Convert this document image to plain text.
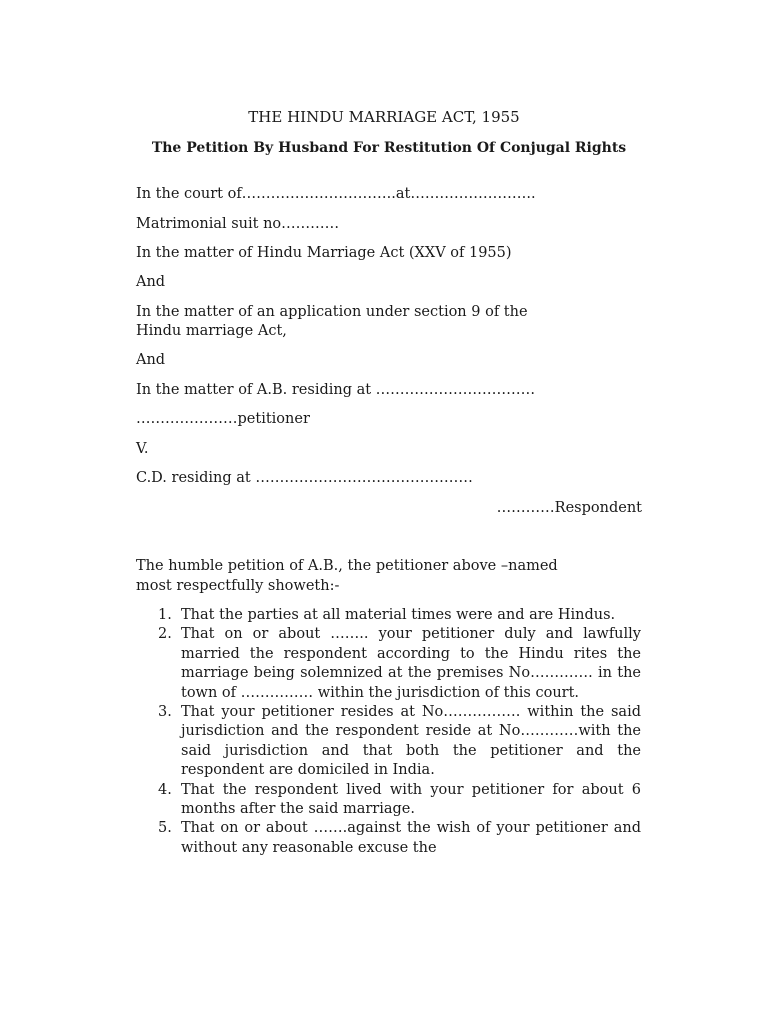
THE HINDU MARRIAGE ACT, 1955
The Petition By Husband For Restitution Of Conjugal Rights
In the court of…………………………..at……………………..
Matrimonial suit no…………
In the matter of Hindu Marriage Act (XXV of 1955)
And
In the matter of an application under section 9 of the
Hindu marriage Act,
And
In the matter of A.B. residing at ……………………………
…………………petitioner
V.
C.D. residing at ………………………………………
…………Respondent
The humble petition of A.B., the petitioner above –named
most respectfully showeth:-
1. That the parties at all material times were and are Hindus.
2. That on or about …….. your petitioner duly and lawfully married the respondent according to the Hindu rites the marriage being solemnized at the premises No…………. in the town of …………… within the jurisdiction of this court.
3. That your petitioner resides at No……………. within the said jurisdiction and the respondent reside at No…………with the said jurisdiction and that both the petitioner and the respondent are domiciled in India.
4. That the respondent lived with your petitioner for about 6 months after the said marriage.
5. That on or about …….against the wish of your petitioner and without any reasonable excuse the
